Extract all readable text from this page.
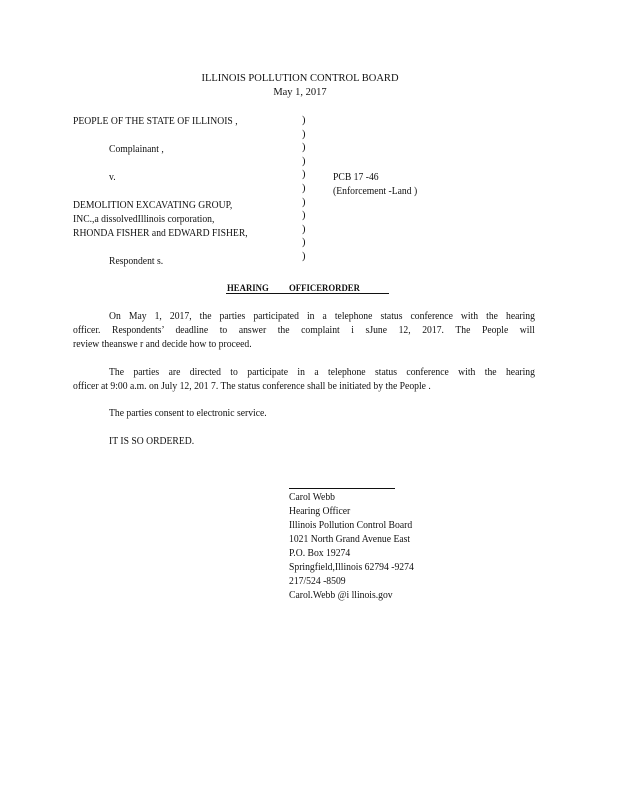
ILLINOIS POLLUTION CONTROL BOARD
May 1, 2017
PEOPLE OF THE STATE OF ILLINOIS ,
Complainant ,
v.	PCB 17 -46
(Enforcement -Land )
DEMOLITION EXCAVATING GROUP,
INC.,a dissolvedIllinois corporation,
RHONDA FISHER and EDWARD FISHER,
Respondent s.
)
)
)
)
)
)
)
)
)
)
)
HEARING OFFICERORDER
On May 1, 2017, the parties participated in a telephone status conference with the hearing
officer. Respondents’ deadline to answer the complaint i sJune 12, 2017. The People will
review theanswe r and decide how to proceed.
The parties are directed to participate in a telephone status conference with the hearing
officer at 9:00 a.m. on July 12, 201 7. The status conference shall be initiated by the People .
The parties consent to electronic service.
IT IS SO ORDERED.
Carol Webb
Hearing Officer
Illinois Pollution Control Board
1021 North Grand Avenue East
P.O. Box 19274
Springfield,Illinois 62794 -9274
217/524 -8509
Carol.Webb @i llinois.gov
